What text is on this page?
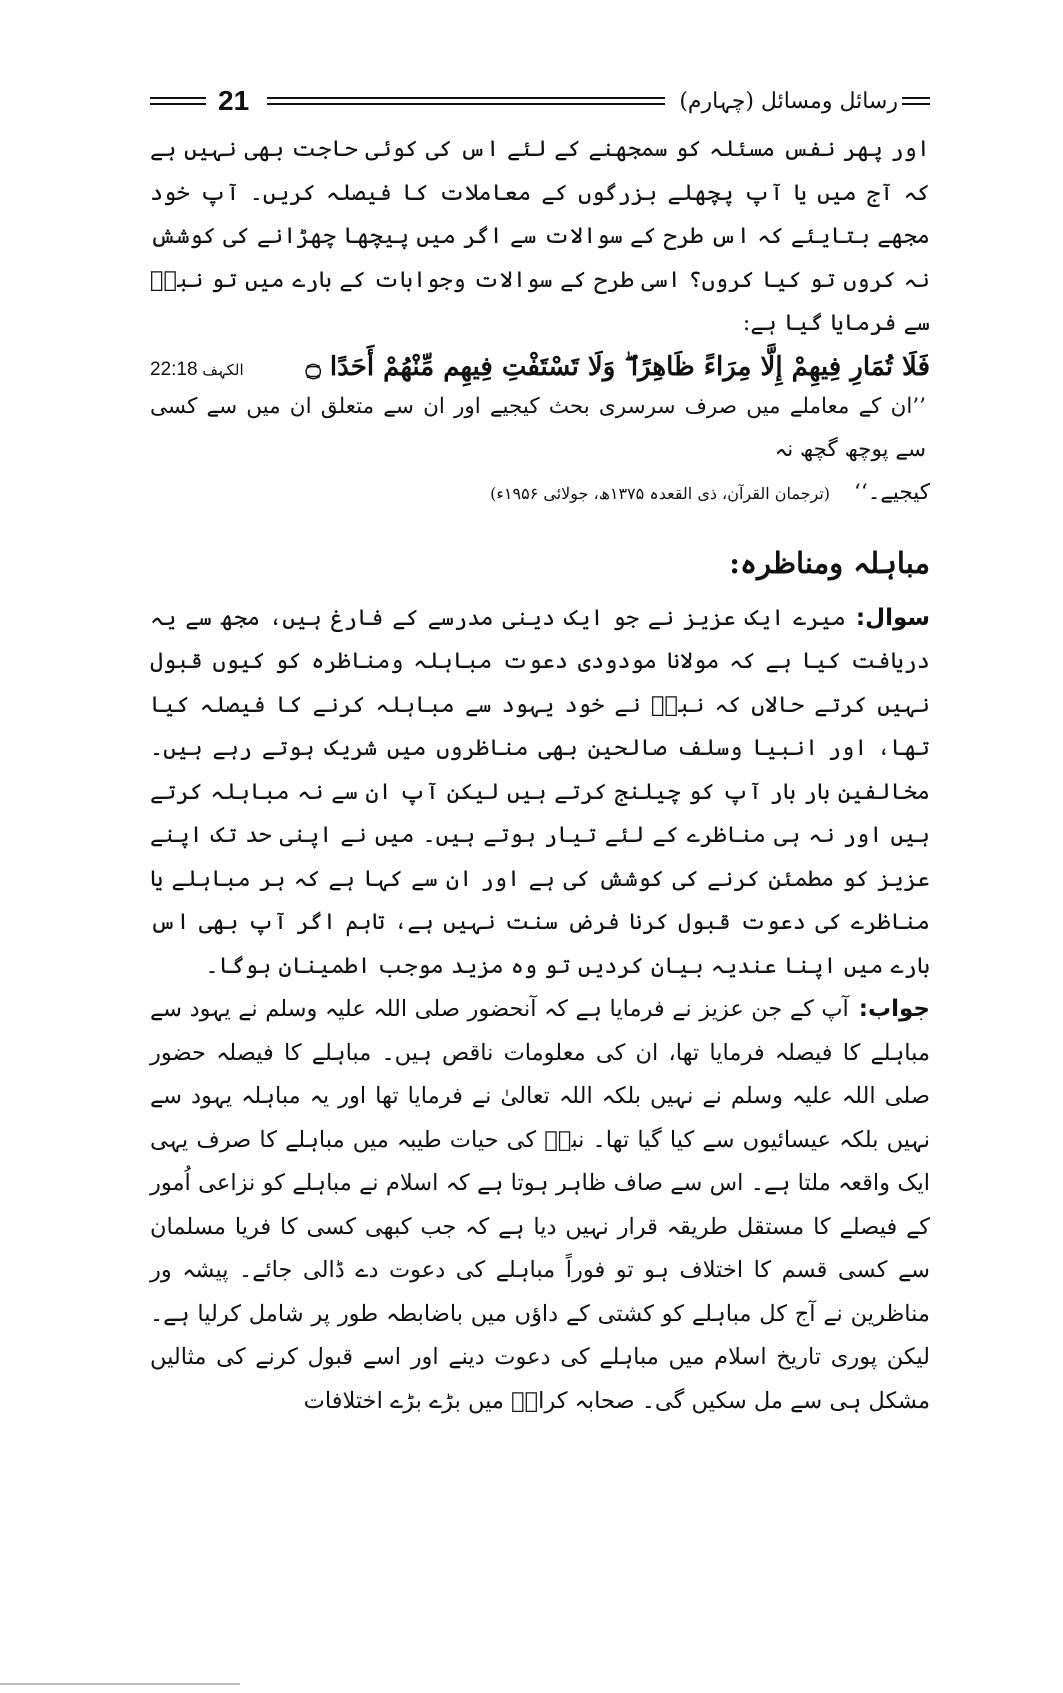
رسائل ومسائل (چہارم)
21

اور پھر نفس مسئلہ کو سمجھنے کے لئے اس کی کوئی حاجت بھی نہیں ہے کہ آج میں یا آپ پچھلے بزرگوں کے معاملات کا فیصلہ کریں۔ آپ خود مجھے بتایئے کہ اس طرح کے سوالات سے اگر میں پیچھا چھڑانے کی کوشش نہ کروں تو کیا کروں؟ اسی طرح کے سوالات وجوابات کے بارے میں تو نبیؐ سے فرمایا گیا ہے:

فَلَا تُمَارِ فِيهِمْ إِلَّا مِرَاءً ظَاهِرًا ۖ وَلَا تَسْتَفْتِ فِيهِم مِّنْهُمْ أَحَدًا ۝
الکہف 22:18

’’ان کے معاملے میں صرف سرسری بحث کیجیے اور ان سے متعلق ان میں سے کسی سے پوچھ گچھ نہ

کیجیے۔‘‘
(ترجمان القرآن، ذی القعدہ ۱۳۷۵ھ، جولائی ۱۹۵۶ء)
مباہلہ ومناظرہ:

سوال:میرے ایک عزیز نے جو ایک دینی مدرسے کے فارغ ہیں، مجھ سے یہ دریافت کیا ہے کہ مولانا مودودی دعوت مباہلہ ومناظرہ کو کیوں قبول نہیں کرتے حالاں کہ نبیؐ نے خود یہود سے مباہلہ کرنے کا فیصلہ کیا تھا، اور انبیا وسلف صالحین بھی مناظروں میں شریک ہوتے رہے ہیں۔ مخالفین بار بار آپ کو چیلنج کرتے ہیں لیکن آپ ان سے نہ مباہلہ کرتے ہیں اور نہ ہی مناظرے کے لئے تیار ہوتے ہیں۔ میں نے اپنی حد تک اپنے عزیز کو مطمئن کرنے کی کوشش کی ہے اور ان سے کہا ہے کہ ہر مباہلے یا مناظرے کی دعوت قبول کرنا فرض سنت نہیں ہے، تاہم اگر آپ بھی اس بارے میں اپنا عندیہ بیان کردیں تو وہ مزید موجب اطمینان ہوگا۔

جواب:آپ کے جن عزیز نے فرمایا ہے کہ آنحضور صلی اللہ علیہ وسلم نے یہود سے مباہلے کا فیصلہ فرمایا تھا، ان کی معلومات ناقص ہیں۔ مباہلے کا فیصلہ حضور صلی اللہ علیہ وسلم نے نہیں بلکہ اللہ تعالیٰ نے فرمایا تھا اور یہ مباہلہ یہود سے نہیں بلکہ عیسائیوں سے کیا گیا تھا۔ نبیؐ کی حیات طیبہ میں مباہلے کا صرف یہی ایک واقعہ ملتا ہے۔ اس سے صاف ظاہر ہوتا ہے کہ اسلام نے مباہلے کو نزاعی اُمور کے فیصلے کا مستقل طریقہ قرار نہیں دیا ہے کہ جب کبھی کسی کا فریا مسلمان سے کسی قسم کا اختلاف ہو تو فوراً مباہلے کی دعوت دے ڈالی جائے۔ پیشہ ور مناظرین نے آج کل مباہلے کو کشتی کے داؤں میں باضابطہ طور پر شامل کرلیا ہے۔ لیکن پوری تاریخ اسلام میں مباہلے کی دعوت دینے اور اسے قبول کرنے کی مثالیں مشکل ہی سے مل سکیں گی۔ صحابہ کرامؓ میں بڑے بڑے اختلافات
